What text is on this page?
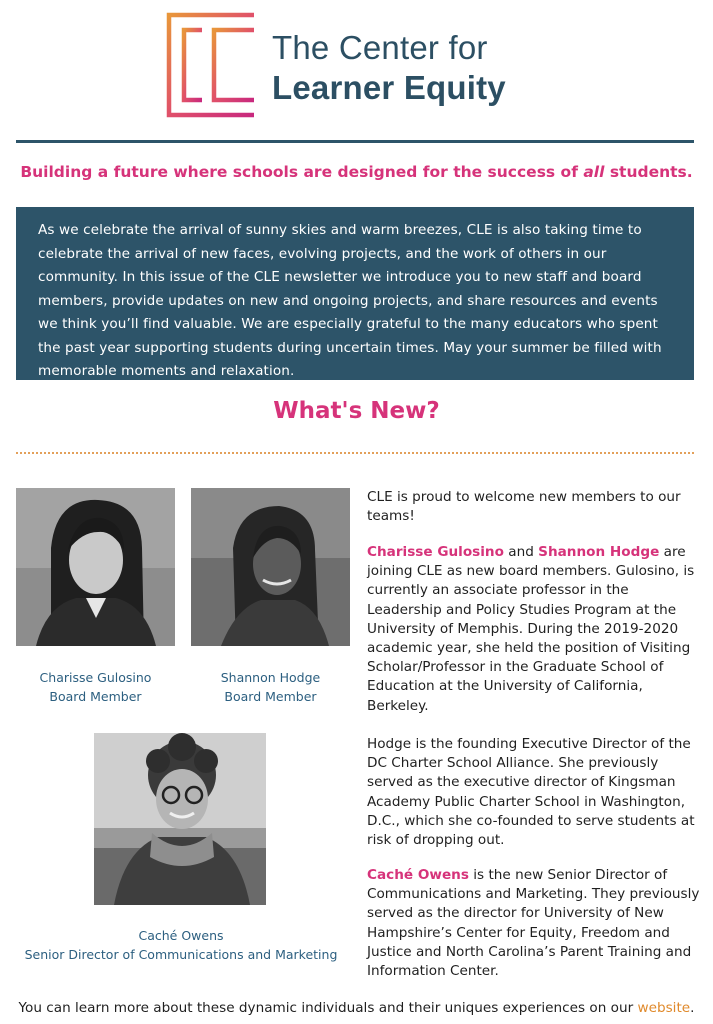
The Center for
Learner Equity
Building a future where schools are designed for the success of all students.

As we celebrate the arrival of sunny skies and warm breezes, CLE is also taking time to celebrate the arrival of new faces, evolving projects, and the work of others in our community. In this issue of the CLE newsletter we introduce you to new staff and board members, provide updates on new and ongoing projects, and share resources and events we think you’ll find valuable. We are especially grateful to the many educators who spent the past year supporting students during uncertain times. May your summer be filled with memorable moments and relaxation.

What's New?
Charisse Gulosino
Board Member
Shannon Hodge
Board Member
Caché Owens
Senior Director of Communications and Marketing

CLE is proud to welcome new members to our teams!

Charisse Gulosino and Shannon Hodge are joining CLE as new board members. Gulosino, is currently an associate professor in the Leadership and Policy Studies Program at the University of Memphis. During the 2019-2020 academic year, she held the position of Visiting Scholar/Professor in the Graduate School of Education at the University of California, Berkeley.

Hodge is the founding Executive Director of the DC Charter School Alliance. She previously served as the executive director of Kingsman Academy Public Charter School in Washington, D.C., which she co-founded to serve students at risk of dropping out.

Caché Owens is the new Senior Director of Communications and Marketing. They previously served as the director for University of New Hampshire’s Center for Equity, Freedom and Justice and North Carolina’s Parent Training and Information Center.

You can learn more about these dynamic individuals and their uniques experiences on our website.
